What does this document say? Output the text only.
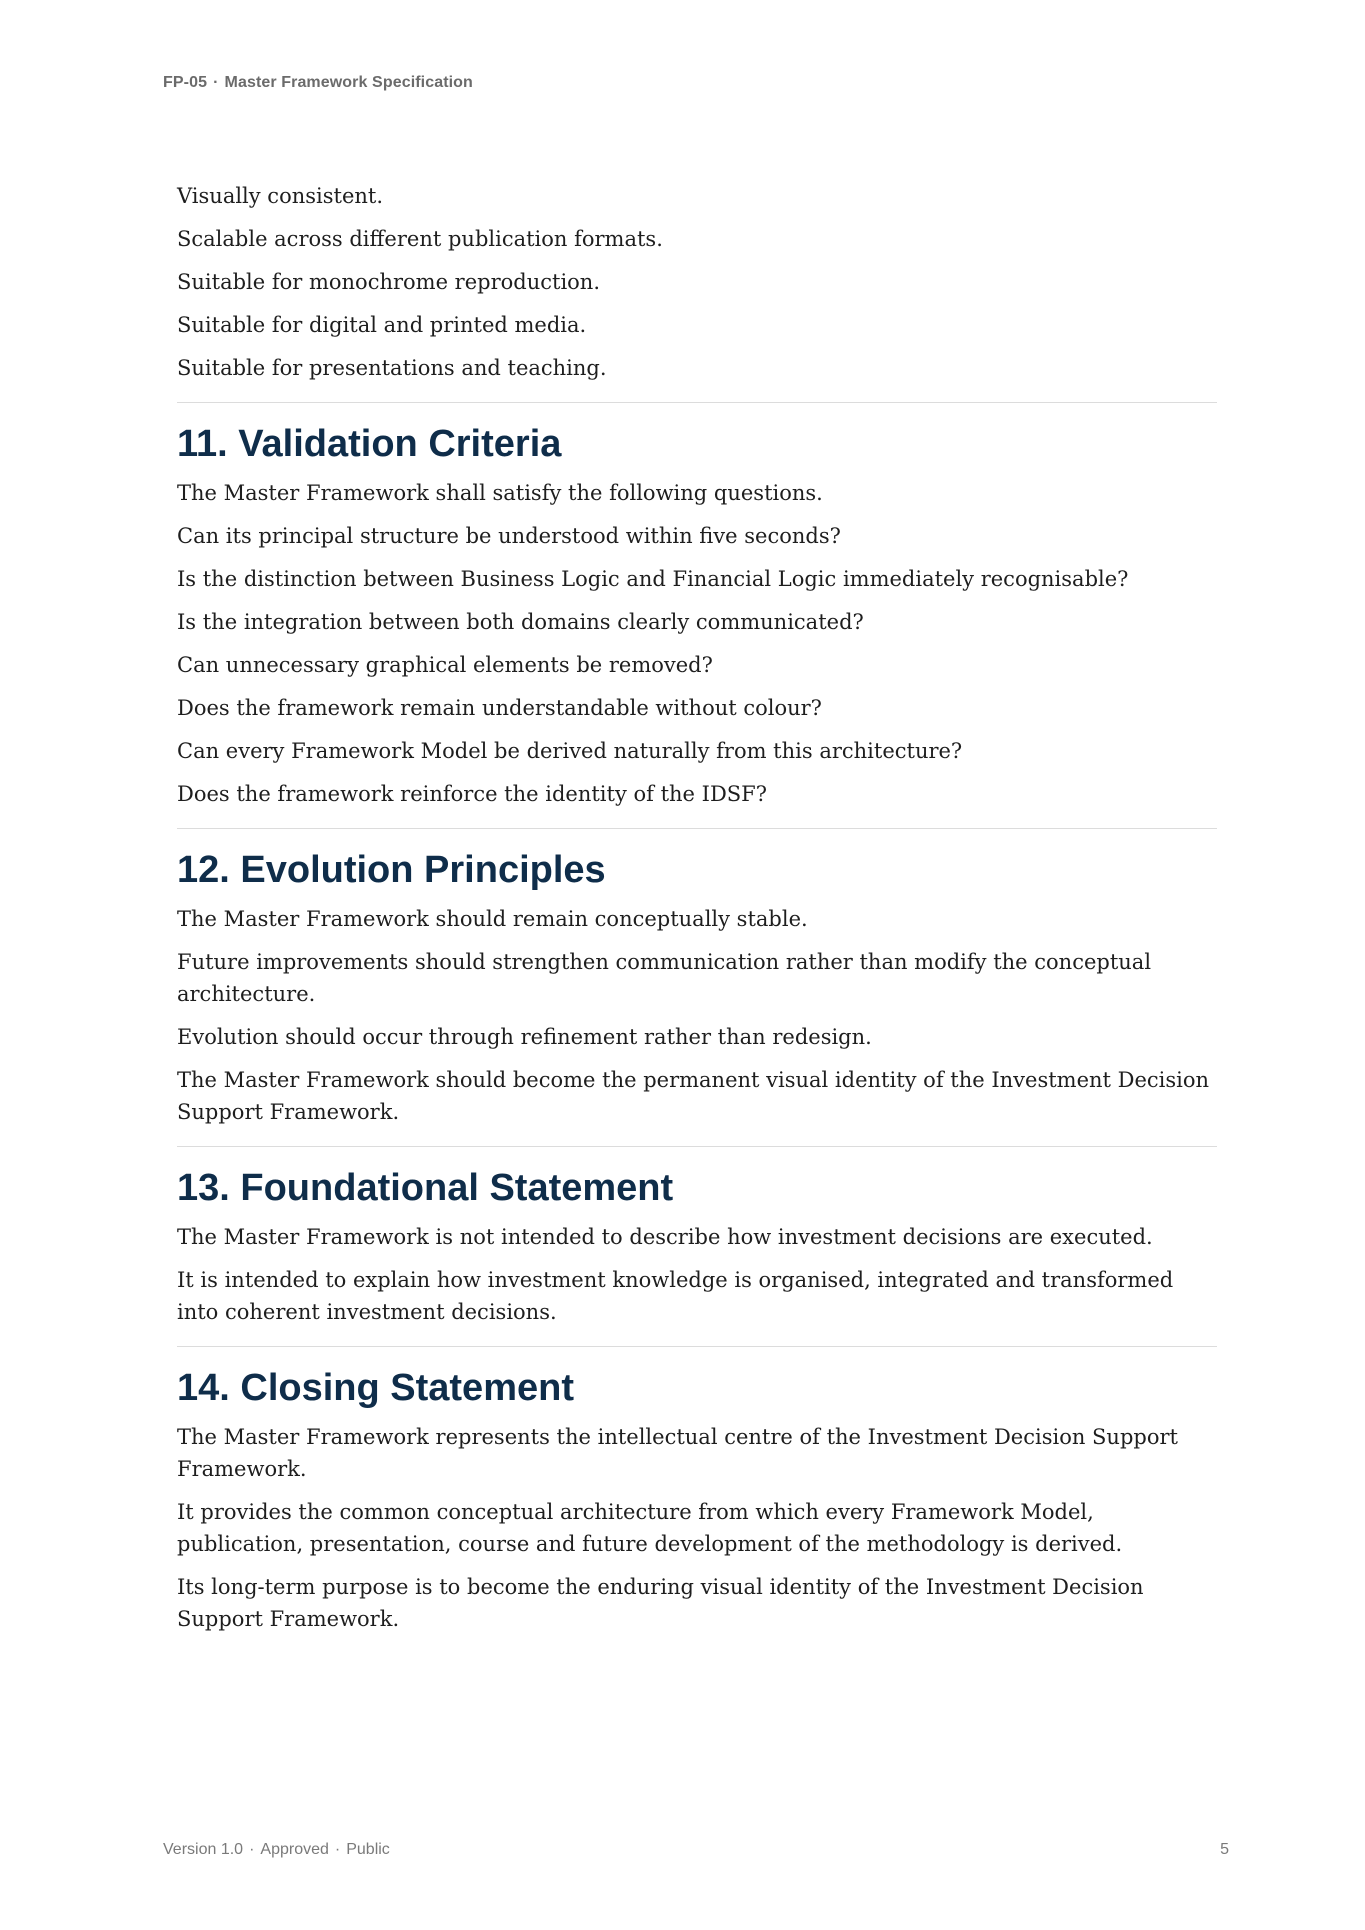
FP-05 · Master Framework Specification

Visually consistent.

Scalable across different publication formats.

Suitable for monochrome reproduction.

Suitable for digital and printed media.

Suitable for presentations and teaching.

11. Validation Criteria

The Master Framework shall satisfy the following questions.

Can its principal structure be understood within five seconds?

Is the distinction between Business Logic and Financial Logic immediately recognisable?

Is the integration between both domains clearly communicated?

Can unnecessary graphical elements be removed?

Does the framework remain understandable without colour?

Can every Framework Model be derived naturally from this architecture?

Does the framework reinforce the identity of the IDSF?

12. Evolution Principles

The Master Framework should remain conceptually stable.

Future improvements should strengthen communication rather than modify the conceptual architecture.

Evolution should occur through refinement rather than redesign.

The Master Framework should become the permanent visual identity of the Investment Decision Support Framework.

13. Foundational Statement

The Master Framework is not intended to describe how investment decisions are executed.

It is intended to explain how investment knowledge is organised, integrated and transformed into coherent investment decisions.

14. Closing Statement

The Master Framework represents the intellectual centre of the Investment Decision Support Framework.

It provides the common conceptual architecture from which every Framework Model, publication, presentation, course and future development of the methodology is derived.

Its long-term purpose is to become the enduring visual identity of the Investment Decision Support Framework.

Version 1.0 · Approved · Public	5
